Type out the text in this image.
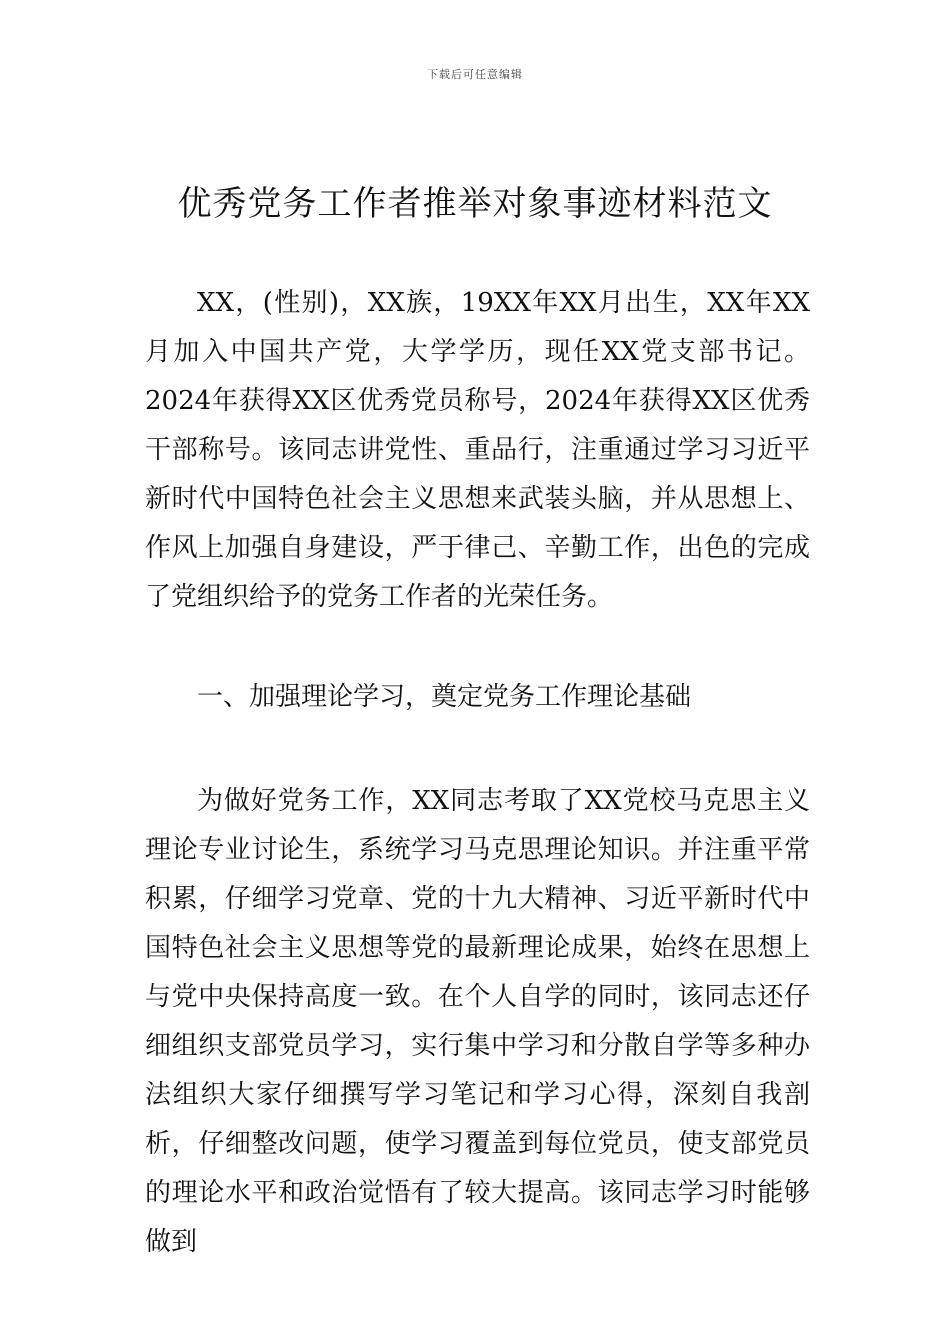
下载后可任意编辑
优秀党务工作者推举对象事迹材料范文

XX，(性别)，XX族，19XX年XX月出生，XX年XX月加入中国共产党，大学学历，现任XX党支部书记。2024年获得XX区优秀党员称号，2024年获得XX区优秀干部称号。该同志讲党性、重品行，注重通过学习习近平新时代中国特色社会主义思想来武装头脑，并从思想上、作风上加强自身建设，严于律己、辛勤工作，出色的完成了党组织给予的党务工作者的光荣任务。

一、加强理论学习，奠定党务工作理论基础

为做好党务工作，XX同志考取了XX党校马克思主义理论专业讨论生，系统学习马克思理论知识。并注重平常积累，仔细学习党章、党的十九大精神、习近平新时代中国特色社会主义思想等党的最新理论成果，始终在思想上与党中央保持高度一致。在个人自学的同时，该同志还仔细组织支部党员学习，实行集中学习和分散自学等多种办法组织大家仔细撰写学习笔记和学习心得，深刻自我剖析，仔细整改问题，使学习覆盖到每位党员，使支部党员的理论水平和政治觉悟有了较大提高。该同志学习时能够做到
